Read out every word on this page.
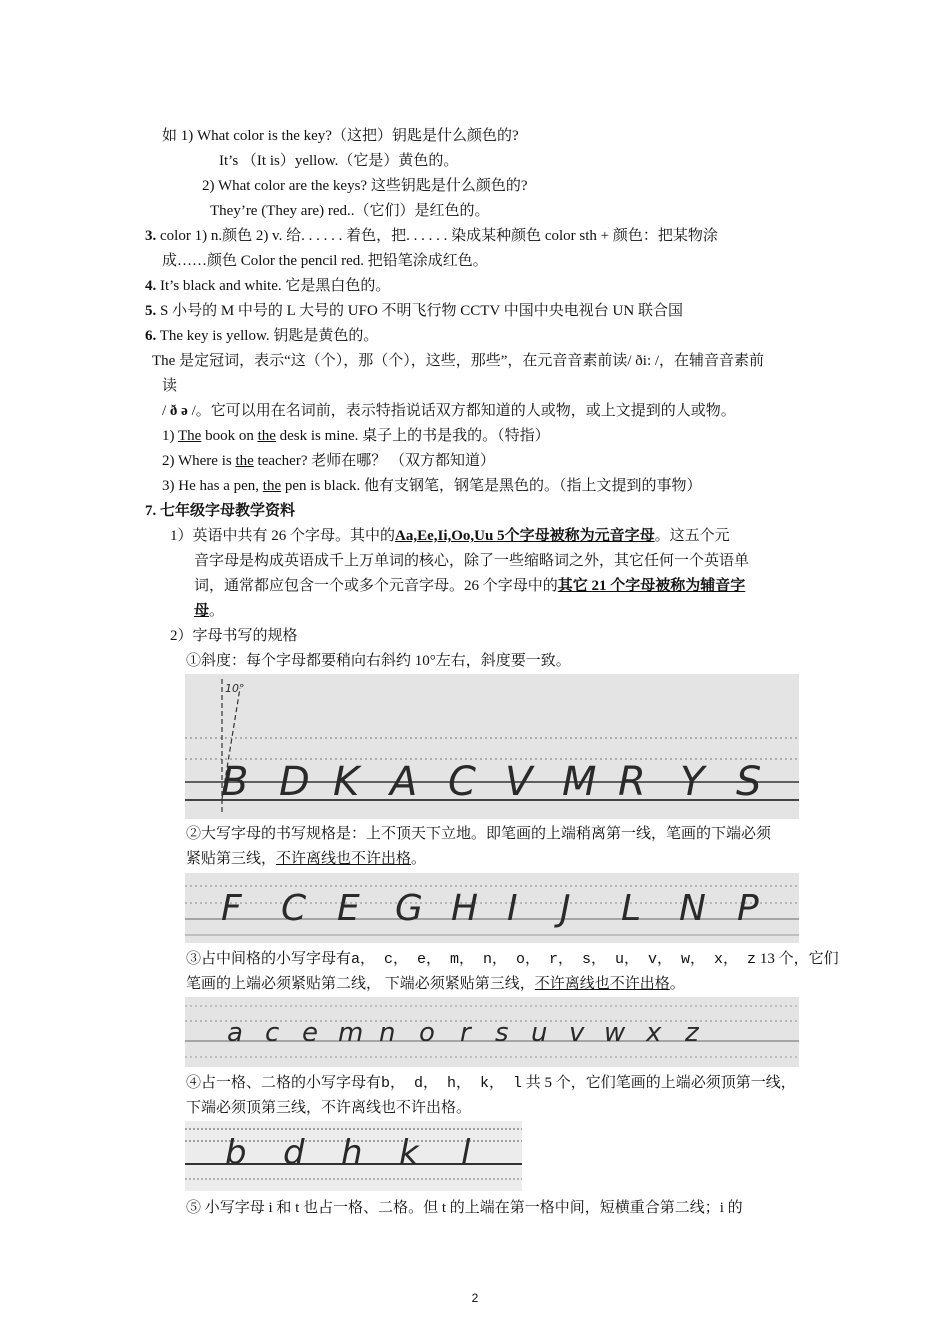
如 1) What color is the key?（这把）钥匙是什么颜色的?
It’s （It is）yellow.（它是）黄色的。
2) What color are the keys? 这些钥匙是什么颜色的?
They’re (They are) red..（它们）是红色的。
3. color 1) n.颜色 2) v. 给. . . . . . 着色，把. . . . . . 染成某种颜色 color sth + 颜色：把某物涂
成……颜色 Color the pencil red. 把铅笔涂成红色。
4. It’s black and white. 它是黑白色的。
5. S 小号的 M 中号的 L 大号的 UFO 不明飞行物 CCTV 中国中央电视台 UN 联合国
6. The key is yellow. 钥匙是黄色的。
The 是定冠词，表示“这（个），那（个），这些，那些”，在元音音素前读/ ði: /，在辅音音素前
读
/ ð ə /。它可以用在名词前，表示特指说话双方都知道的人或物，或上文提到的人或物。
1) The book on the desk is mine. 桌子上的书是我的。（特指）
2) Where is the teacher? 老师在哪？ （双方都知道）
3) He has a pen, the pen is black. 他有支钢笔，钢笔是黑色的。（指上文提到的事物）
7. 七年级字母教学资料
1）英语中共有 26 个字母。其中的Aa,Ee,Ii,Oo,Uu 5个字母被称为元音字母。这五个元
音字母是构成英语成千上万单词的核心，除了一些缩略词之外，其它任何一个英语单
词，通常都应包含一个或多个元音字母。26 个字母中的其它 21 个字母被称为辅音字
母。
2）字母书写的规格
①斜度：每个字母都要稍向右斜约 10°左右，斜度要一致。
10°
B D K A C V M R Y S
②大写字母的书写规格是：上不顶天下立地。即笔画的上端稍离第一线，笔画的下端必须
紧贴第三线，不许离线也不许出格。
F C E G H I J L N P
③占中间格的小写字母有a， c， e， m， n， o， r， s， u， v， w， x， z 13 个，它们
笔画的上端必须紧贴第二线， 下端必须紧贴第三线，不许离线也不许出格。
a c e m n o r s u v w x z
④占一格、二格的小写字母有b， d， h， k， l 共 5 个，它们笔画的上端必须顶第一线，
下端必须顶第三线，不许离线也不许出格。
b d h k l
⑤ 小写字母 i 和 t 也占一格、二格。但 t 的上端在第一格中间，短横重合第二线；i 的
2
